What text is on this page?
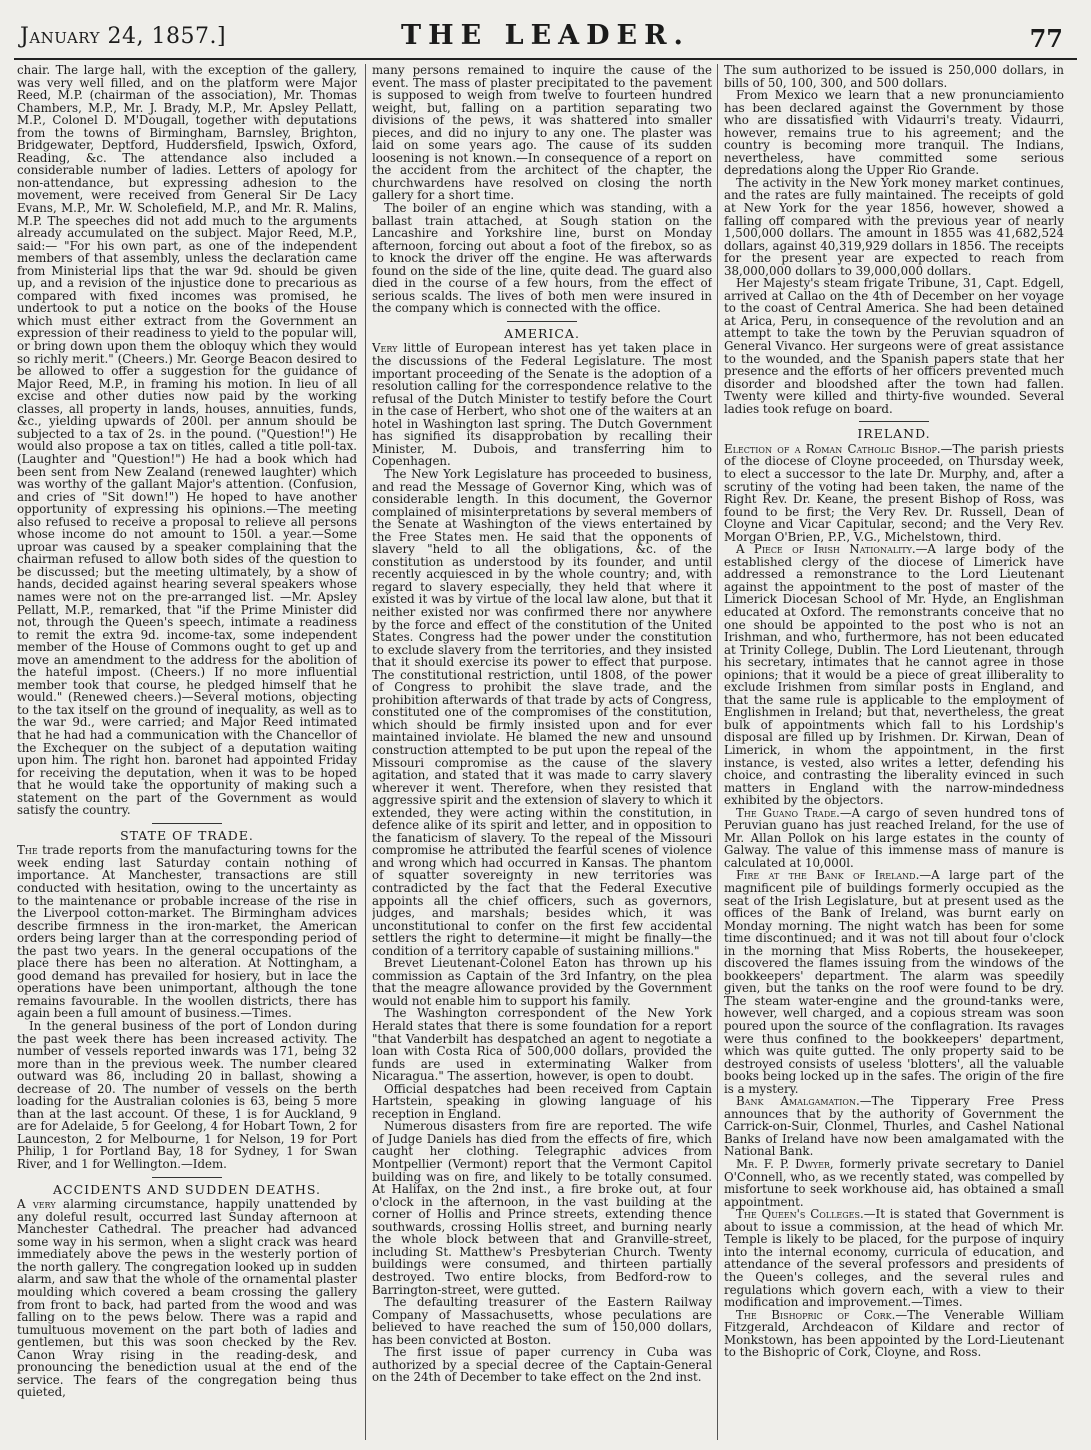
January 24, 1857.]	THE LEADER.	77

chair. The large hall, with the exception of the gallery, was very well filled, and on the platform were Major Reed, M.P. (chairman of the association), Mr. Thomas Chambers, M.P., Mr. J. Brady, M.P., Mr. Apsley Pellatt, M.P., Colonel D. M'Dougall, together with deputations from the towns of Birmingham, Barnsley, Brighton, Bridgewater, Deptford, Huddersfield, Ipswich, Oxford, Reading, &c. The attendance also included a considerable number of ladies. Letters of apology for non-attendance, but expressing adhesion to the movement, were received from General Sir De Lacy Evans, M.P., Mr. W. Scholefield, M.P., and Mr. R. Malins, M.P. The speeches did not add much to the arguments already accumulated on the subject. Major Reed, M.P., said:— "For his own part, as one of the independent members of that assembly, unless the declaration came from Ministerial lips that the war 9d. should be given up, and a revision of the injustice done to precarious as compared with fixed incomes was promised, he undertook to put a notice on the books of the House which must either extract from the Government an expression of their readiness to yield to the popular will, or bring down upon them the obloquy which they would so richly merit." (Cheers.) Mr. George Beacon desired to be allowed to offer a suggestion for the guidance of Major Reed, M.P., in framing his motion. In lieu of all excise and other duties now paid by the working classes, all property in lands, houses, annuities, funds, &c., yielding upwards of 200l. per annum should be subjected to a tax of 2s. in the pound. ("Question!") He would also propose a tax on titles, called a title poll-tax. (Laughter and "Question!") He had a book which had been sent from New Zealand (renewed laughter) which was worthy of the gallant Major's attention. (Confusion, and cries of "Sit down!") He hoped to have another opportunity of expressing his opinions.—The meeting also refused to receive a proposal to relieve all persons whose income do not amount to 150l. a year.—Some uproar was caused by a speaker complaining that the chairman refused to allow both sides of the question to be discussed; but the meeting ultimately, by a show of hands, decided against hearing several speakers whose names were not on the pre-arranged list. —Mr. Apsley Pellatt, M.P., remarked, that "if the Prime Minister did not, through the Queen's speech, intimate a readiness to remit the extra 9d. income-tax, some independent member of the House of Commons ought to get up and move an amendment to the address for the abolition of the hateful impost. (Cheers.) If no more influential member took that course, he pledged himself that he would." (Renewed cheers.)—Several motions, objecting to the tax itself on the ground of inequality, as well as to the war 9d., were carried; and Major Reed intimated that he had had a communication with the Chancellor of the Exchequer on the subject of a deputation waiting upon him. The right hon. baronet had appointed Friday for receiving the deputation, when it was to be hoped that he would take the opportunity of making such a statement on the part of the Government as would satisfy the country.

STATE OF TRADE.

The trade reports from the manufacturing towns for the week ending last Saturday contain nothing of importance. At Manchester, transactions are still conducted with hesitation, owing to the uncertainty as to the maintenance or probable increase of the rise in the Liverpool cotton-market. The Birmingham advices describe firmness in the iron-market, the American orders being larger than at the corresponding period of the past two years. In the general occupations of the place there has been no alteration. At Nottingham, a good demand has prevailed for hosiery, but in lace the operations have been unimportant, although the tone remains favourable. In the woollen districts, there has again been a full amount of business.—Times.

In the general business of the port of London during the past week there has been increased activity. The number of vessels reported inwards was 171, being 32 more than in the previous week. The number cleared outward was 86, including 20 in ballast, showing a decrease of 20. The number of vessels on the berth loading for the Australian colonies is 63, being 5 more than at the last account. Of these, 1 is for Auckland, 9 are for Adelaide, 5 for Geelong, 4 for Hobart Town, 2 for Launceston, 2 for Melbourne, 1 for Nelson, 19 for Port Philip, 1 for Portland Bay, 18 for Sydney, 1 for Swan River, and 1 for Wellington.—Idem.

ACCIDENTS AND SUDDEN DEATHS.

A very alarming circumstance, happily unattended by any doleful result, occurred last Sunday afternoon at Manchester Cathedral. The preacher had advanced some way in his sermon, when a slight crack was heard immediately above the pews in the westerly portion of the north gallery. The congregation looked up in sudden alarm, and saw that the whole of the ornamental plaster moulding which covered a beam crossing the gallery from front to back, had parted from the wood and was falling on to the pews below. There was a rapid and tumultuous movement on the part both of ladies and gentlemen, but this was soon checked by the Rev. Canon Wray rising in the reading-desk, and pronouncing the benediction usual at the end of the service. The fears of the congregation being thus quieted,

many persons remained to inquire the cause of the event. The mass of plaster precipitated to the pavement is supposed to weigh from twelve to fourteen hundred weight, but, falling on a partition separating two divisions of the pews, it was shattered into smaller pieces, and did no injury to any one. The plaster was laid on some years ago. The cause of its sudden loosening is not known.—In consequence of a report on the accident from the architect of the chapter, the churchwardens have resolved on closing the north gallery for a short time.

The boiler of an engine which was standing, with a ballast train attached, at Sough station on the Lancashire and Yorkshire line, burst on Monday afternoon, forcing out about a foot of the firebox, so as to knock the driver off the engine. He was afterwards found on the side of the line, quite dead. The guard also died in the course of a few hours, from the effect of serious scalds. The lives of both men were insured in the company which is connected with the office.

AMERICA.

Very little of European interest has yet taken place in the discussions of the Federal Legislature. The most important proceeding of the Senate is the adoption of a resolution calling for the correspondence relative to the refusal of the Dutch Minister to testify before the Court in the case of Herbert, who shot one of the waiters at an hotel in Washington last spring. The Dutch Government has signified its disapprobation by recalling their Minister, M. Dubois, and transferring him to Copenhagen.

The New York Legislature has proceeded to business, and read the Message of Governor King, which was of considerable length. In this document, the Governor complained of misinterpretations by several members of the Senate at Washington of the views entertained by the Free States men. He said that the opponents of slavery "held to all the obligations, &c. of the constitution as understood by its founder, and until recently acquiesced in by the whole country; and, with regard to slavery especially, they held that where it existed it was by virtue of the local law alone, but that it neither existed nor was confirmed there nor anywhere by the force and effect of the constitution of the United States. Congress had the power under the constitution to exclude slavery from the territories, and they insisted that it should exercise its power to effect that purpose. The constitutional restriction, until 1808, of the power of Congress to prohibit the slave trade, and the prohibition afterwards of that trade by acts of Congress, constituted one of the compromises of the constitution, which should be firmly insisted upon and for ever maintained inviolate. He blamed the new and unsound construction attempted to be put upon the repeal of the Missouri compromise as the cause of the slavery agitation, and stated that it was made to carry slavery wherever it went. Therefore, when they resisted that aggressive spirit and the extension of slavery to which it extended, they were acting within the constitution, in defence alike of its spirit and letter, and in opposition to the fanaticism of slavery. To the repeal of the Missouri compromise he attributed the fearful scenes of violence and wrong which had occurred in Kansas. The phantom of squatter sovereignty in new territories was contradicted by the fact that the Federal Executive appoints all the chief officers, such as governors, judges, and marshals; besides which, it was unconstitutional to confer on the first few accidental settlers the right to determine—it might be finally—the condition of a territory capable of sustaining millions."

Brevet Lieutenant-Colonel Eaton has thrown up his commission as Captain of the 3rd Infantry, on the plea that the meagre allowance provided by the Government would not enable him to support his family.

The Washington correspondent of the New York Herald states that there is some foundation for a report "that Vanderbilt has despatched an agent to negotiate a loan with Costa Rica of 500,000 dollars, provided the funds are used in exterminating Walker from Nicaragua." The assertion, however, is open to doubt.

Official despatches had been received from Captain Hartstein, speaking in glowing language of his reception in England.

Numerous disasters from fire are reported. The wife of Judge Daniels has died from the effects of fire, which caught her clothing. Telegraphic advices from Montpellier (Vermont) report that the Vermont Capitol building was on fire, and likely to be totally consumed. At Halifax, on the 2nd inst., a fire broke out, at four o'clock in the afternoon, in the vast building at the corner of Hollis and Prince streets, extending thence southwards, crossing Hollis street, and burning nearly the whole block between that and Granville-street, including St. Matthew's Presbyterian Church. Twenty buildings were consumed, and thirteen partially destroyed. Two entire blocks, from Bedford-row to Barrington-street, were gutted.

The defaulting treasurer of the Eastern Railway Company of Massachusetts, whose peculations are believed to have reached the sum of 150,000 dollars, has been convicted at Boston.

The first issue of paper currency in Cuba was authorized by a special decree of the Captain-General on the 24th of December to take effect on the 2nd inst.

The sum authorized to be issued is 250,000 dollars, in bills of 50, 100, 300, and 500 dollars.

From Mexico we learn that a new pronunciamiento has been declared against the Government by those who are dissatisfied with Vidaurri's treaty. Vidaurri, however, remains true to his agreement; and the country is becoming more tranquil. The Indians, nevertheless, have committed some serious depredations along the Upper Rio Grande.

The activity in the New York money market continues, and the rates are fully maintained. The receipts of gold at New York for the year 1856, however, showed a falling off compared with the previous year of nearly 1,500,000 dollars. The amount in 1855 was 41,682,524 dollars, against 40,319,929 dollars in 1856. The receipts for the present year are expected to reach from 38,000,000 dollars to 39,000,000 dollars.

Her Majesty's steam frigate Tribune, 31, Capt. Edgell, arrived at Callao on the 4th of December on her voyage to the coast of Central America. She had been detained at Arica, Peru, in consequence of the revolution and an attempt to take the town by the Peruvian squadron of General Vivanco. Her surgeons were of great assistance to the wounded, and the Spanish papers state that her presence and the efforts of her officers prevented much disorder and bloodshed after the town had fallen. Twenty were killed and thirty-five wounded. Several ladies took refuge on board.

IRELAND.

Election of a Roman Catholic Bishop.—The parish priests of the diocese of Cloyne proceeded, on Thursday week, to elect a successor to the late Dr. Murphy, and, after a scrutiny of the voting had been taken, the name of the Right Rev. Dr. Keane, the present Bishop of Ross, was found to be first; the Very Rev. Dr. Russell, Dean of Cloyne and Vicar Capitular, second; and the Very Rev. Morgan O'Brien, P.P., V.G., Michelstown, third.

A Piece of Irish Nationality.—A large body of the established clergy of the diocese of Limerick have addressed a remonstrance to the Lord Lieutenant against the appointment to the post of master of the Limerick Diocesan School of Mr. Hyde, an Englishman educated at Oxford. The remonstrants conceive that no one should be appointed to the post who is not an Irishman, and who, furthermore, has not been educated at Trinity College, Dublin. The Lord Lieutenant, through his secretary, intimates that he cannot agree in those opinions; that it would be a piece of great illiberality to exclude Irishmen from similar posts in England, and that the same rule is applicable to the employment of Englishmen in Ireland; but that, nevertheless, the great bulk of appointments which fall to his Lordship's disposal are filled up by Irishmen. Dr. Kirwan, Dean of Limerick, in whom the appointment, in the first instance, is vested, also writes a letter, defending his choice, and contrasting the liberality evinced in such matters in England with the narrow-mindedness exhibited by the objectors.

The Guano Trade.—A cargo of seven hundred tons of Peruvian guano has just reached Ireland, for the use of Mr. Allan Pollok on his large estates in the county of Galway. The value of this immense mass of manure is calculated at 10,000l.

Fire at the Bank of Ireland.—A large part of the magnificent pile of buildings formerly occupied as the seat of the Irish Legislature, but at present used as the offices of the Bank of Ireland, was burnt early on Monday morning. The night watch has been for some time discontinued; and it was not till about four o'clock in the morning that Miss Roberts, the housekeeper, discovered the flames issuing from the windows of the bookkeepers' department. The alarm was speedily given, but the tanks on the roof were found to be dry. The steam water-engine and the ground-tanks were, however, well charged, and a copious stream was soon poured upon the source of the conflagration. Its ravages were thus confined to the bookkeepers' department, which was quite gutted. The only property said to be destroyed consists of useless 'blotters', all the valuable books being locked up in the safes. The origin of the fire is a mystery.

Bank Amalgamation.—The Tipperary Free Press announces that by the authority of Government the Carrick-on-Suir, Clonmel, Thurles, and Cashel National Banks of Ireland have now been amalgamated with the National Bank.

Mr. F. P. Dwyer, formerly private secretary to Daniel O'Connell, who, as we recently stated, was compelled by misfortune to seek workhouse aid, has obtained a small appointment.

The Queen's Colleges.—It is stated that Government is about to issue a commission, at the head of which Mr. Temple is likely to be placed, for the purpose of inquiry into the internal economy, curricula of education, and attendance of the several professors and presidents of the Queen's colleges, and the several rules and regulations which govern each, with a view to their modification and improvement.—Times.

The Bishopric of Cork.—The Venerable William Fitzgerald, Archdeacon of Kildare and rector of Monkstown, has been appointed by the Lord-Lieutenant to the Bishopric of Cork, Cloyne, and Ross.
